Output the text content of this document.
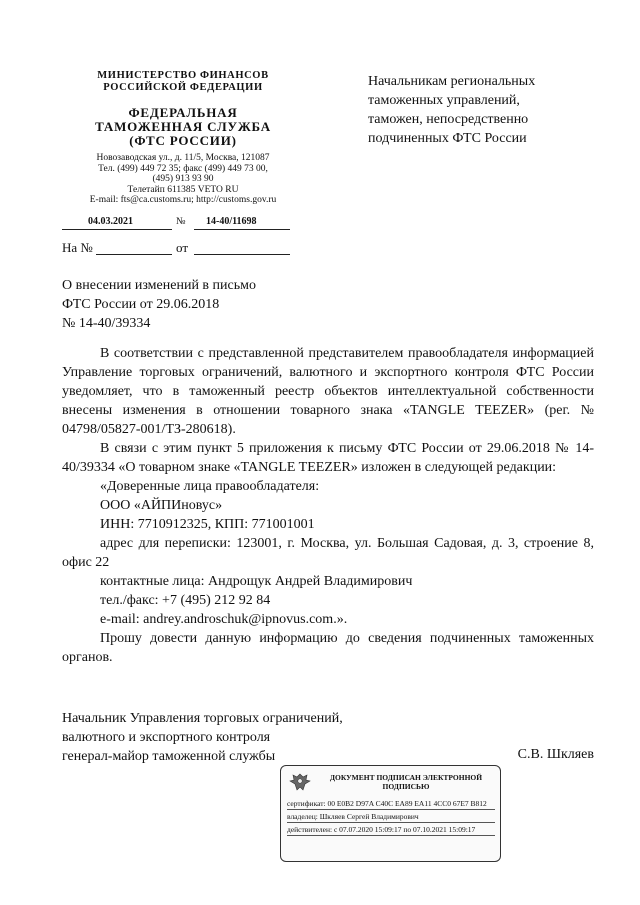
МИНИСТЕРСТВО ФИНАНСОВ
РОССИЙСКОЙ ФЕДЕРАЦИИ
ФЕДЕРАЛЬНАЯ
ТАМОЖЕННАЯ СЛУЖБА
(ФТС РОССИИ)
Новозаводская ул., д. 11/5, Москва, 121087
Тел. (499) 449 72 35; факс (499) 449 73 00,
(495) 913 93 90
Телетайп 611385 VETO RU
E-mail: fts@ca.customs.ru; http://customs.gov.ru
04.03.2021	№ 14-40/11698
На №	от
Начальникам региональных
таможенных управлений,
таможен, непосредственно
подчиненных ФТС России
О внесении изменений в письмо
ФТС России от 29.06.2018
№ 14-40/39334

В соответствии с представленной представителем правообладателя информацией Управление торговых ограничений, валютного и экспортного контроля ФТС России уведомляет, что в таможенный реестр объектов интеллектуальной собственности внесены изменения в отношении товарного знака «TANGLE TEEZER» (рег. № 04798/05827-001/ТЗ-280618).

В связи с этим пункт 5 приложения к письму ФТС России от 29.06.2018 № 14-40/39334 «О товарном знаке «TANGLE TEEZER» изложен в следующей редакции:

«Доверенные лица правообладателя:

ООО «АЙПИновус»

ИНН: 7710912325, КПП: 771001001

адрес для переписки: 123001, г. Москва, ул. Большая Садовая, д. 3, строение 8, офис 22

контактные лица: Андрощук Андрей Владимирович

тел./факс: +7 (495) 212 92 84

e-mail: andrey.androschuk@ipnovus.com.».

Прошу довести данную информацию до сведения подчиненных таможенных органов.

Начальник Управления торговых ограничений,
валютного и экспортного контроля
генерал-майор таможенной службы	С.В. Шкляев
ДОКУМЕНТ ПОДПИСАН ЭЛЕКТРОННОЙ
ПОДПИСЬЮ
сертификат: 00 E0B2 D97A C40C EA89 EA11 4CC0 67E7 B812
владелец: Шкляев Сергей Владимирович
действителен: с 07.07.2020 15:09:17 по 07.10.2021 15:09:17
